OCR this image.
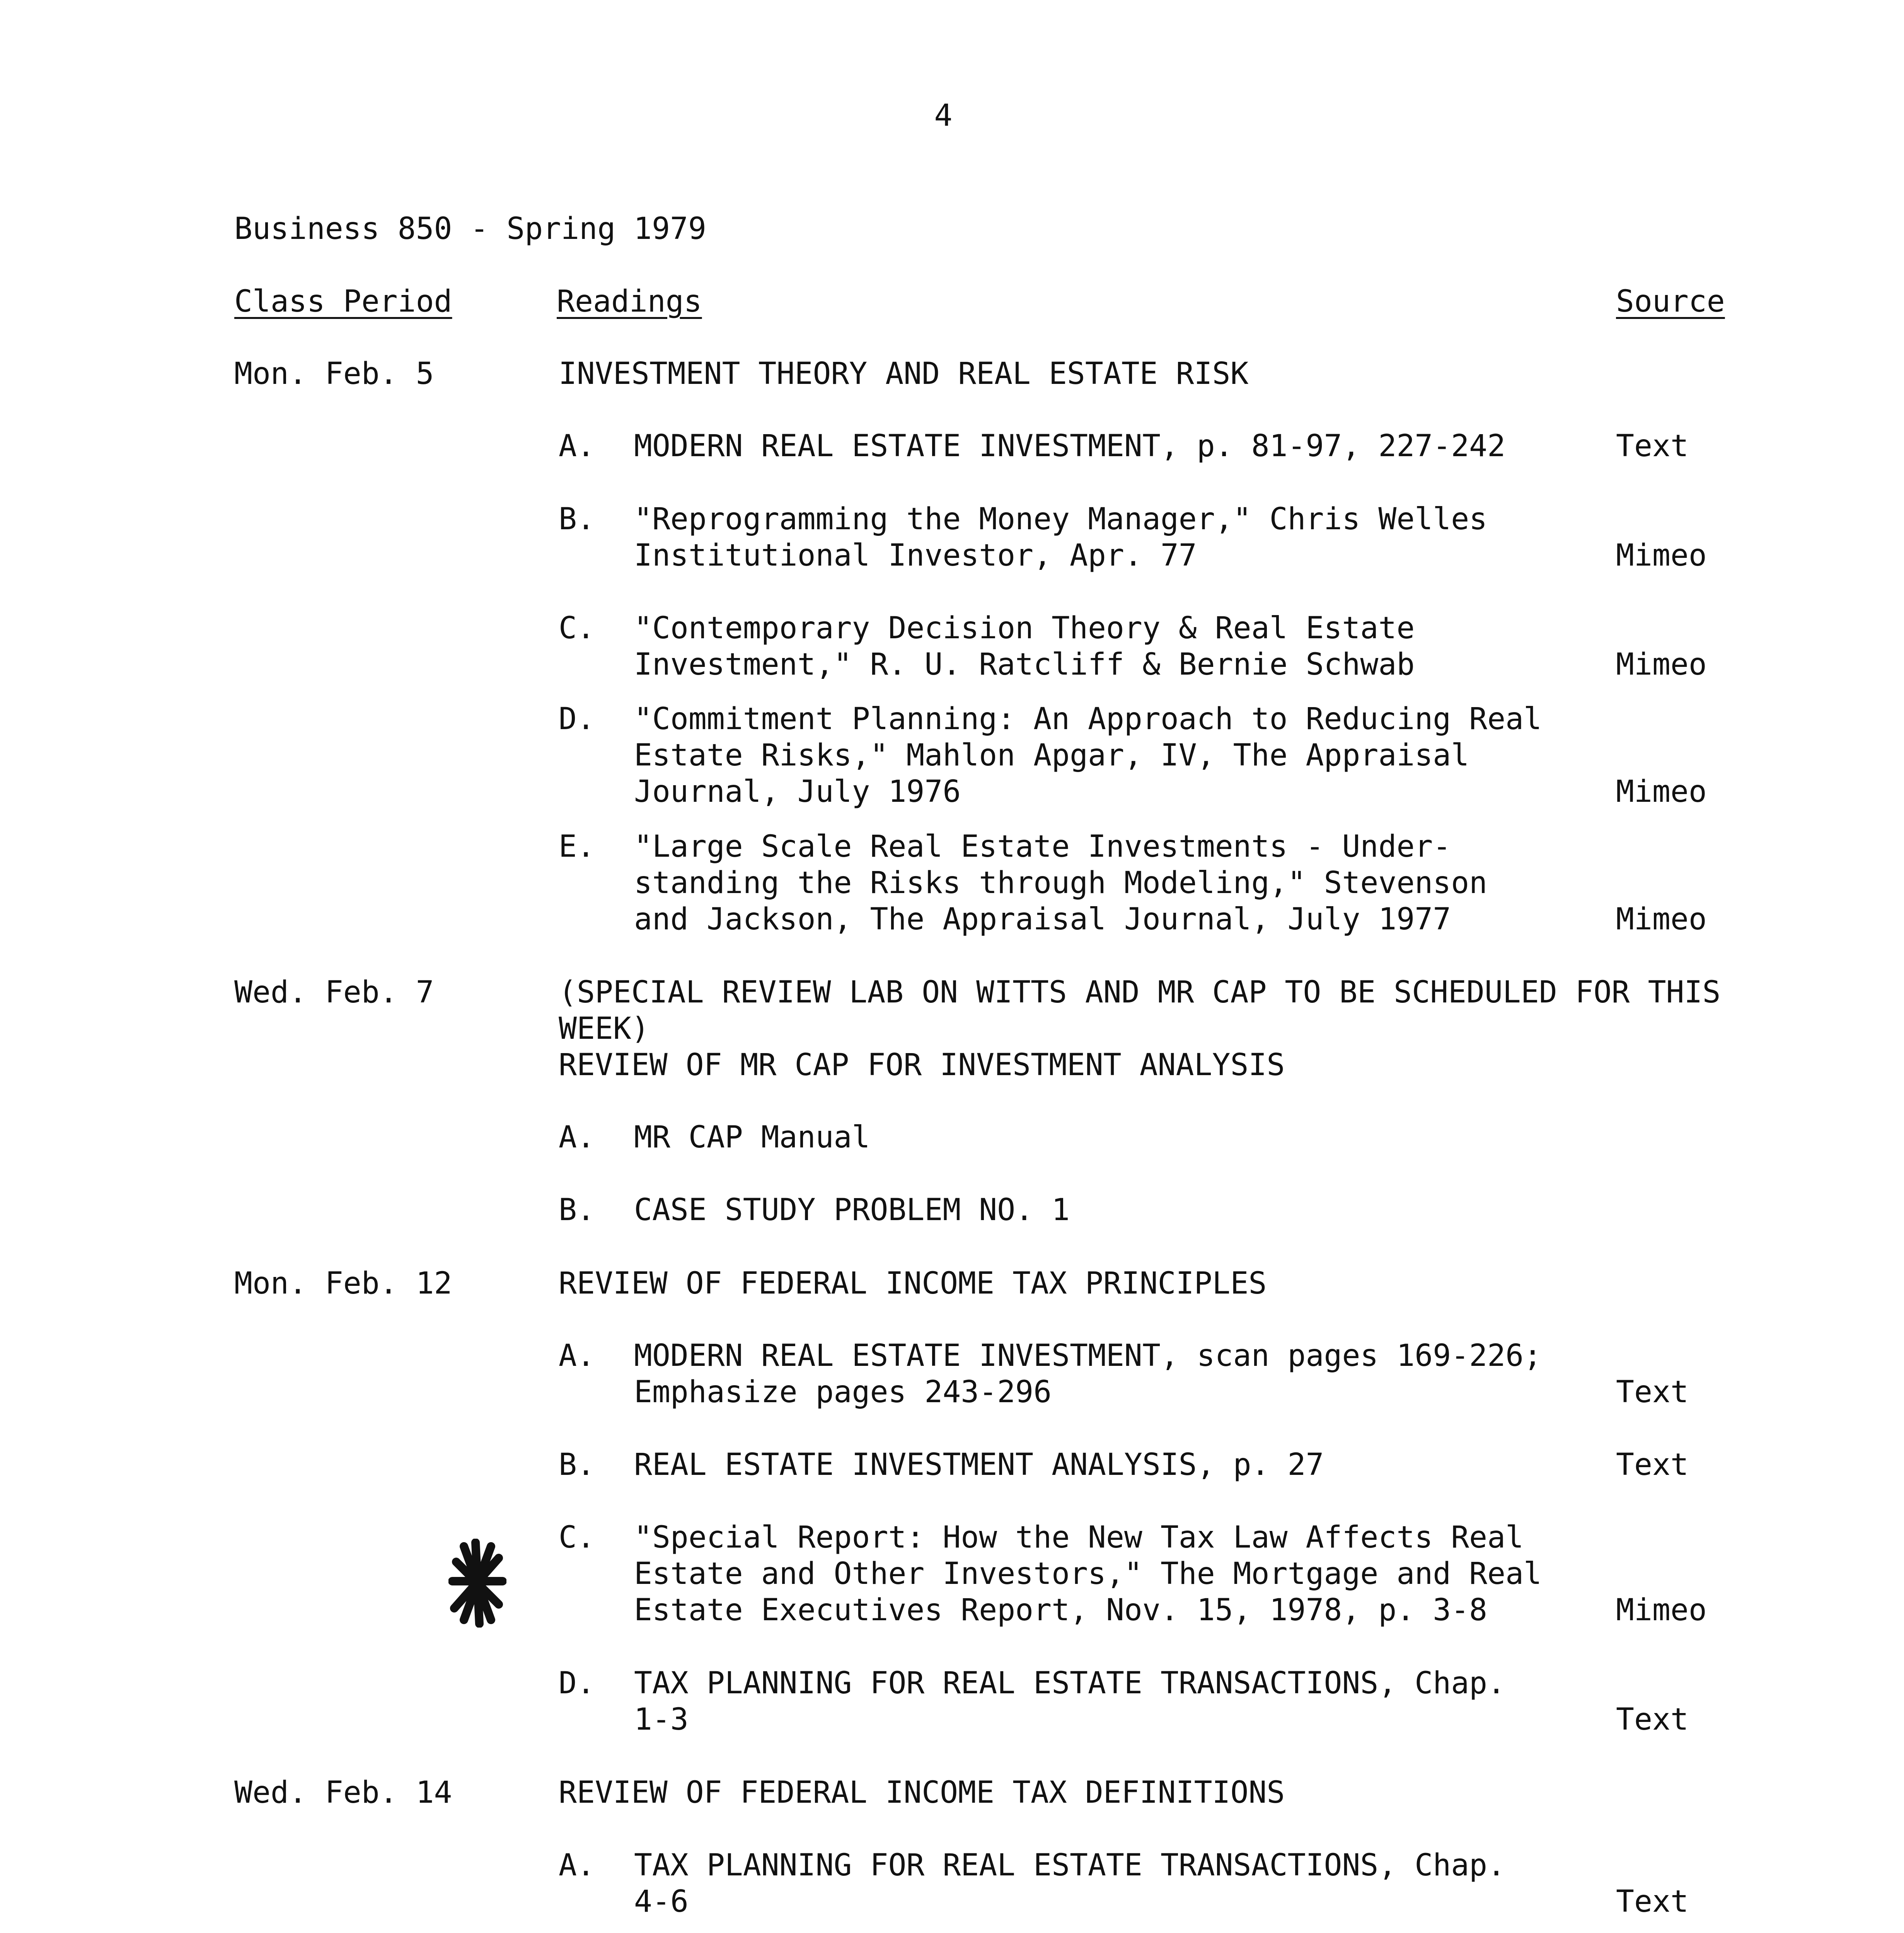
4
Business 850 - Spring 1979
Class Period	Readings	Source
Mon. Feb. 5	INVESTMENT THEORY AND REAL ESTATE RISK
A. MODERN REAL ESTATE INVESTMENT, p. 81-97, 227-242	Text
B. "Reprogramming the Money Manager," Chris Welles
Institutional Investor, Apr. 77	Mimeo
C. "Contemporary Decision Theory & Real Estate
Investment," R. U. Ratcliff & Bernie Schwab	Mimeo
D. "Commitment Planning: An Approach to Reducing Real
Estate Risks," Mahlon Apgar, IV, The Appraisal
Journal, July 1976	Mimeo
E. "Large Scale Real Estate Investments - Under-
standing the Risks through Modeling," Stevenson
and Jackson, The Appraisal Journal, July 1977	Mimeo
Wed. Feb. 7	(SPECIAL REVIEW LAB ON WITTS AND MR CAP TO BE SCHEDULED FOR THIS
WEEK)
REVIEW OF MR CAP FOR INVESTMENT ANALYSIS
A. MR CAP Manual
B. CASE STUDY PROBLEM NO. 1
Mon. Feb. 12	REVIEW OF FEDERAL INCOME TAX PRINCIPLES
A. MODERN REAL ESTATE INVESTMENT, scan pages 169-226;
Emphasize pages 243-296	Text
B. REAL ESTATE INVESTMENT ANALYSIS, p. 27	Text
C. "Special Report: How the New Tax Law Affects Real
Estate and Other Investors," The Mortgage and Real
Estate Executives Report, Nov. 15, 1978, p. 3-8	Mimeo
D. TAX PLANNING FOR REAL ESTATE TRANSACTIONS, Chap.
1-3	Text
Wed. Feb. 14	REVIEW OF FEDERAL INCOME TAX DEFINITIONS
A. TAX PLANNING FOR REAL ESTATE TRANSACTIONS, Chap.
4-6	Text
